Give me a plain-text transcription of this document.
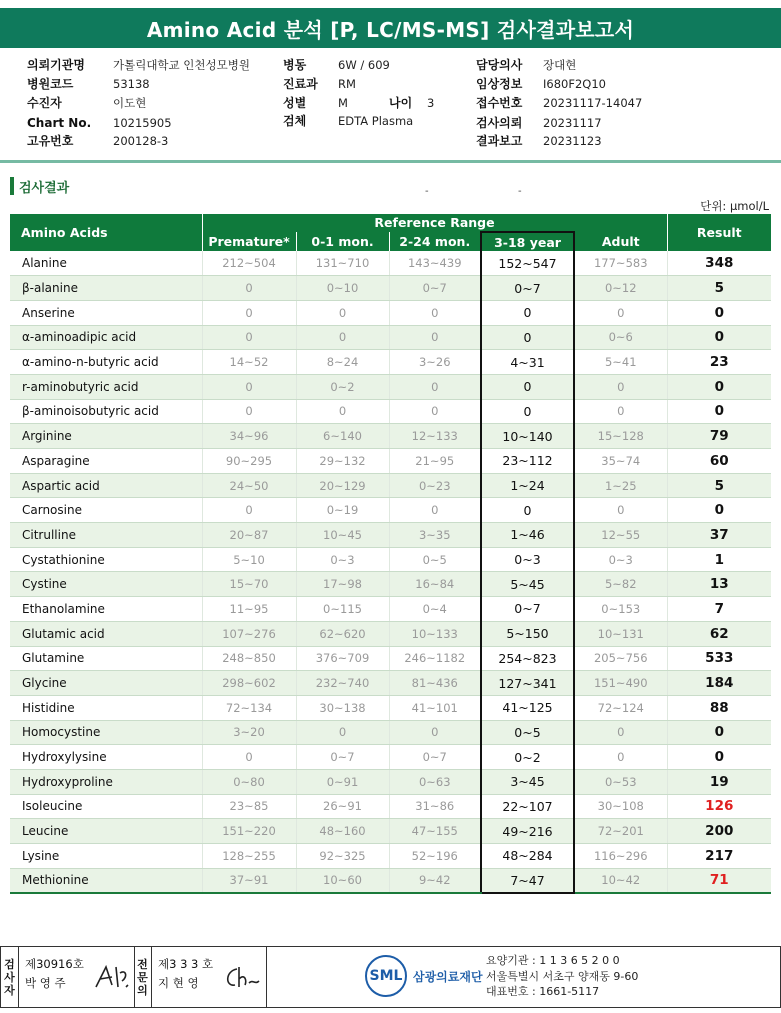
Amino Acid 분석 [P, LC/MS-MS] 검사결과보고서
의뢰기관명 가톨릭대학교 인천성모병원
병원코드	53138
수진자	이도현
Chart No. 10215905
고유번호	200128-3
병동	6W / 609
진료과 RM
성별	M	나이 3
검체	EDTA Plasma
담당의사 장대현
임상정보 I680F2Q10
접수번호 20231117-14047
검사의뢰 20231117
결과보고 20231123
검사결과	-	-
단위: µmol/L
Amino Acids	Reference Range					Result
	Premature*	0-1 mon.	2-24 mon.	3-18 year	Adult	
Alanine	212~504	131~710	143~439	152~547	177~583	348
β-alanine	0	0~10	0~7	0~7	0~12	5
Anserine	0	0	0	0	0	0
α-aminoadipic acid	0	0	0	0	0~6	0
α-amino-n-butyric acid	14~52	8~24	3~26	4~31	5~41	23
r-aminobutyric acid	0	0~2	0	0	0	0
β-aminoisobutyric acid	0	0	0	0	0	0
Arginine	34~96	6~140	12~133	10~140	15~128	79
Asparagine	90~295	29~132	21~95	23~112	35~74	60
Aspartic acid	24~50	20~129	0~23	1~24	1~25	5
Carnosine	0	0~19	0	0	0	0
Citrulline	20~87	10~45	3~35	1~46	12~55	37
Cystathionine	5~10	0~3	0~5	0~3	0~3	1
Cystine	15~70	17~98	16~84	5~45	5~82	13
Ethanolamine	11~95	0~115	0~4	0~7	0~153	7
Glutamic acid	107~276	62~620	10~133	5~150	10~131	62
Glutamine	248~850	376~709	246~1182	254~823	205~756	533
Glycine	298~602	232~740	81~436	127~341	151~490	184
Histidine	72~134	30~138	41~101	41~125	72~124	88
Homocystine	3~20	0	0	0~5	0	0
Hydroxylysine	0	0~7	0~7	0~2	0	0
Hydroxyproline	0~80	0~91	0~63	3~45	0~53	19
Isoleucine	23~85	26~91	31~86	22~107	30~108	126
Leucine	151~220	48~160	47~155	49~216	72~201	200
Lysine	128~255	92~325	52~196	48~284	116~296	217
Methionine	37~91	10~60	9~42	7~47	10~42	71
검
사
자
제30916호
박 영 주
전
문
의
제3 3 3 호
지 현 영	SML 삼광의료재단
요양기관 : 1 1 3 6 5 2 0 0
서울특별시 서초구 양재동 9-60
대표번호 : 1661-5117
